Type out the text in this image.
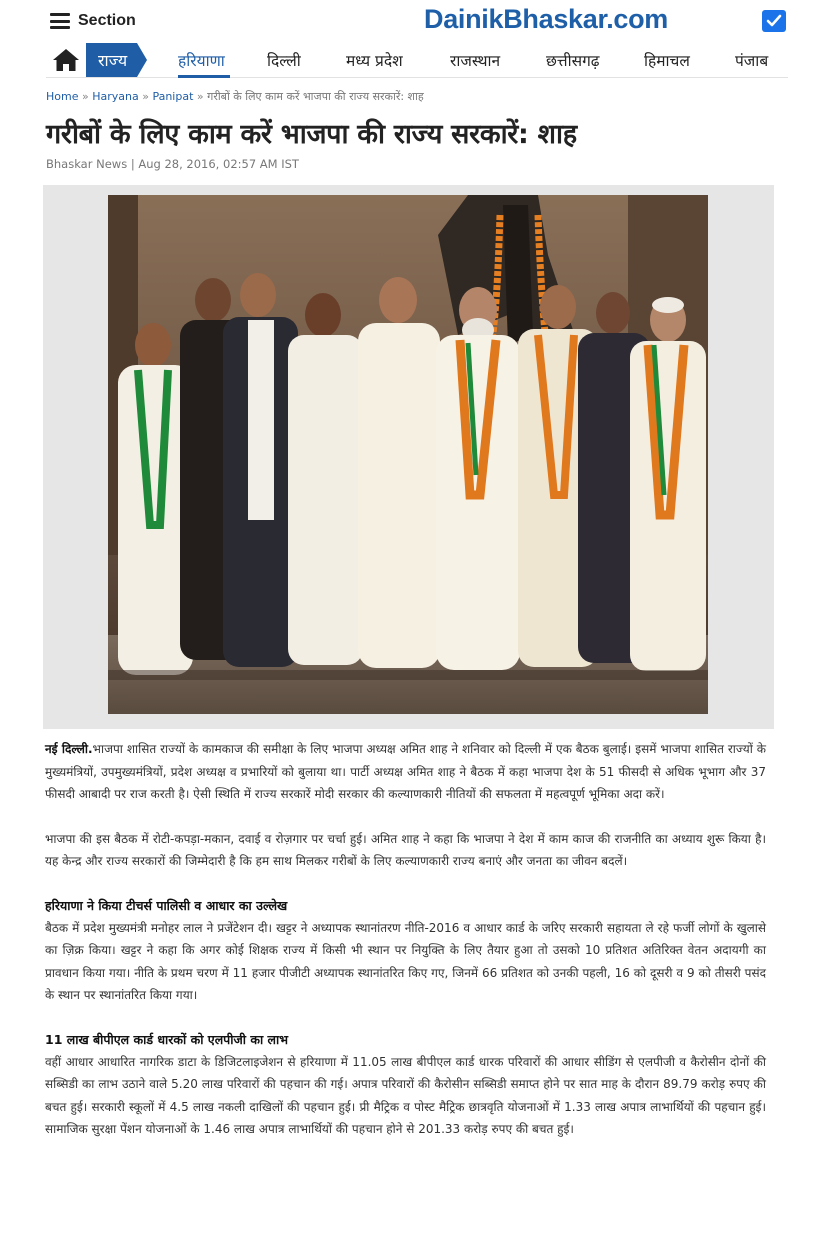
Section	DainikBhaskar.com
राज्य	हरियाणा	दिल्ली	मध्य प्रदेश	राजस्थान	छत्तीसगढ़	हिमाचल	पंजाब
Home » Haryana » Panipat » गरीबों के लिए काम करें भाजपा की राज्य सरकारें: शाह
गरीबों के लिए काम करें भाजपा की राज्य सरकारें: शाह
Bhaskar News | Aug 28, 2016, 02:57 AM IST

नई दिल्ली.भाजपा शासित राज्यों के कामकाज की समीक्षा के लिए भाजपा अध्यक्ष अमित शाह ने शनिवार को दिल्ली में एक बैठक बुलाई। इसमें भाजपा शासित राज्यों के मुख्यमंत्रियों, उपमुख्यमंत्रियों, प्रदेश अध्यक्ष व प्रभारियों को बुलाया था। पार्टी अध्यक्ष अमित शाह ने बैठक में कहा भाजपा देश के 51 फीसदी से अधिक भूभाग और 37 फीसदी आबादी पर राज करती है। ऐसी स्थिति में राज्य सरकारें मोदी सरकार की कल्याणकारी नीतियों की सफलता में महत्वपूर्ण भूमिका अदा करें।

भाजपा की इस बैठक में रोटी-कपड़ा-मकान, दवाई व रोज़गार पर चर्चा हुई। अमित शाह ने कहा कि भाजपा ने देश में काम काज की राजनीति का अध्याय शुरू किया है। यह केन्द्र और राज्य सरकारों की जिम्मेदारी है कि हम साथ मिलकर गरीबों के लिए कल्याणकारी राज्य बनाएं और जनता का जीवन बदलें।

हरियाणा ने किया टीचर्स पालिसी व आधार का उल्लेख

बैठक में प्रदेश मुख्यमंत्री मनोहर लाल ने प्रजेंटेशन दी। खट्टर ने अध्यापक स्थानांतरण नीति-2016 व आधार कार्ड के जरिए सरकारी सहायता ले रहे फर्जी लोगों के खुलासे का ज़िक्र किया। खट्टर ने कहा कि अगर कोई शिक्षक राज्य में किसी भी स्थान पर नियुक्ति के लिए तैयार हुआ तो उसको 10 प्रतिशत अतिरिक्त वेतन अदायगी का प्रावधान किया गया। नीति के प्रथम चरण में 11 हजार पीजीटी अध्यापक स्थानांतरित किए गए, जिनमें 66 प्रतिशत को उनकी पहली, 16 को दूसरी व 9 को तीसरी पसंद के स्थान पर स्थानांतरित किया गया।

11 लाख बीपीएल कार्ड धारकों को एलपीजी का लाभ

वहीं आधार आधारित नागरिक डाटा के डिजिटलाइजेशन से हरियाणा में 11.05 लाख बीपीएल कार्ड धारक परिवारों की आधार सीडिंग से एलपीजी व कैरोसीन दोनों की सब्सिडी का लाभ उठाने वाले 5.20 लाख परिवारों की पहचान की गई। अपात्र परिवारों की कैरोसीन सब्सिडी समाप्त होने पर सात माह के दौरान 89.79 करोड़ रुपए की बचत हुई। सरकारी स्कूलों में 4.5 लाख नकली दाखिलों की पहचान हुई। प्री मैट्रिक व पोस्ट मैट्रिक छात्रवृति योजनाओं में 1.33 लाख अपात्र लाभार्थियों की पहचान हुई। सामाजिक सुरक्षा पेंशन योजनाओं के 1.46 लाख अपात्र लाभार्थियों की पहचान होने से 201.33 करोड़ रुपए की बचत हुई।
